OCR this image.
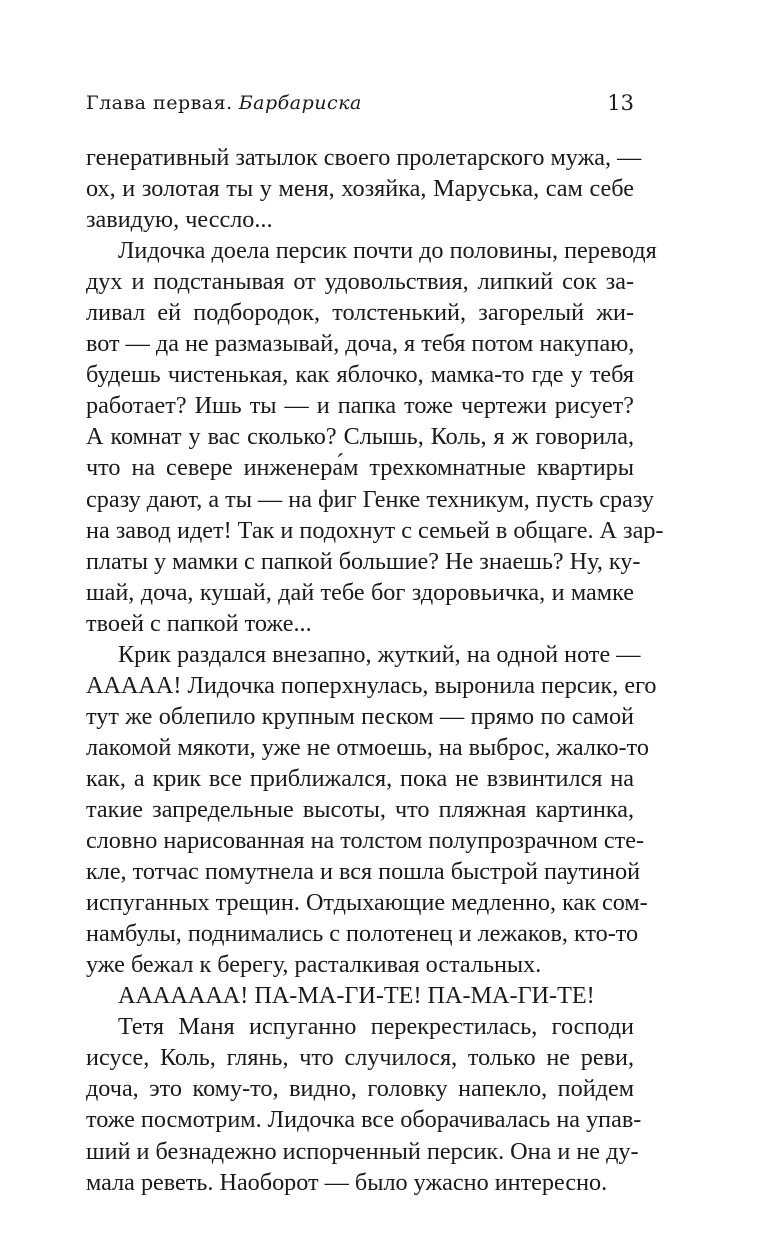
Глава первая. Барбариска	13
генеративный затылок своего пролетарского мужа, —
ох, и золотая ты у меня, хозяйка, Маруська, сам себе
завидую, чессло...
Лидочка доела персик почти до половины, переводя
дух и подстанывая от удовольствия, липкий сок за-
ливал ей подбородок, толстенький, загорелый жи-
вот — да не размазывай, доча, я тебя потом накупаю,
будешь чистенькая, как яблочко, мамка-то где у тебя
работает? Ишь ты — и папка тоже чертежи рисует?
А комнат у вас сколько? Слышь, Коль, я ж говорила,
что на севере инженера́м трехкомнатные квартиры
сразу дают, а ты — на фиг Генке техникум, пусть сразу
на завод идет! Так и подохнут с семьей в общаге. А зар-
платы у мамки с папкой большие? Не знаешь? Ну, ку-
шай, доча, кушай, дай тебе бог здоровьичка, и мамке
твоей с папкой тоже...
Крик раздался внезапно, жуткий, на одной ноте —
АААAA! Лидочка поперхнулась, выронила персик, его
тут же облепило крупным песком — прямо по самой
лакомой мякоти, уже не отмоешь, на выброс, жалко-то
как, а крик все приближался, пока не взвинтился на
такие запредельные высоты, что пляжная картинка,
словно нарисованная на толстом полупрозрачном сте-
кле, тотчас помутнела и вся пошла быстрой паутиной
испуганных трещин. Отдыхающие медленно, как сом-
намбулы, поднимались с полотенец и лежаков, кто-то
уже бежал к берегу, расталкивая остальных.
АААААAA! ПА-МА-ГИ-ТЕ! ПА-МА-ГИ-ТЕ!
Тетя Маня испуганно перекрестилась, господи
исусе, Коль, глянь, что случилося, только не реви,
доча, это кому-то, видно, головку напекло, пойдем
тоже посмотрим. Лидочка все оборачивалась на упав-
ший и безнадежно испорченный персик. Она и не ду-
мала реветь. Наоборот — было ужасно интересно.
